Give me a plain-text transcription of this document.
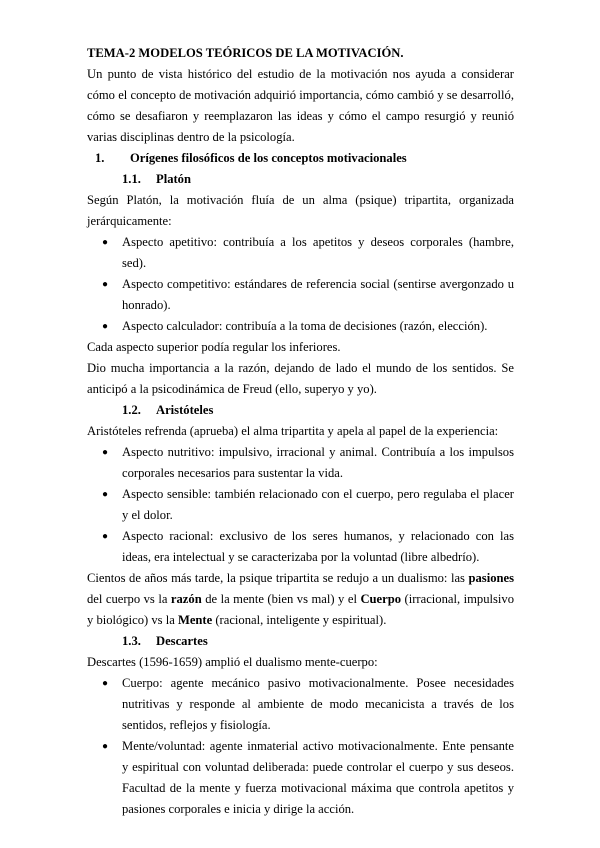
TEMA-2 MODELOS TEÓRICOS DE LA MOTIVACIÓN.

Un punto de vista histórico del estudio de la motivación nos ayuda a considerar cómo el concepto de motivación adquirió importancia, cómo cambió y se desarrolló, cómo se desafiaron y reemplazaron las ideas y cómo el campo resurgió y reunió varias disciplinas dentro de la psicología.

1.	Orígenes filosóficos de los conceptos motivacionales
1.1.	Platón

Según Platón, la motivación fluía de un alma (psique) tripartita, organizada jerárquicamente:

● Aspecto apetitivo: contribuía a los apetitos y deseos corporales (hambre, sed).
● Aspecto competitivo: estándares de referencia social (sentirse avergonzado u honrado).
● Aspecto calculador: contribuía a la toma de decisiones (razón, elección).

Cada aspecto superior podía regular los inferiores.

Dio mucha importancia a la razón, dejando de lado el mundo de los sentidos. Se anticipó a la psicodinámica de Freud (ello, superyo y yo).

1.2.	Aristóteles

Aristóteles refrenda (aprueba) el alma tripartita y apela al papel de la experiencia:

● Aspecto nutritivo: impulsivo, irracional y animal. Contribuía a los impulsos corporales necesarios para sustentar la vida.
● Aspecto sensible: también relacionado con el cuerpo, pero regulaba el placer y el dolor.
● Aspecto racional: exclusivo de los seres humanos, y relacionado con las ideas, era intelectual y se caracterizaba por la voluntad (libre albedrío).

Cientos de años más tarde, la psique tripartita se redujo a un dualismo: las pasiones del cuerpo vs la razón de la mente (bien vs mal) y el Cuerpo (irracional, impulsivo y biológico) vs la Mente (racional, inteligente y espiritual).

1.3.	Descartes

Descartes (1596-1659) amplió el dualismo mente-cuerpo:

● Cuerpo: agente mecánico pasivo motivacionalmente. Posee necesidades nutritivas y responde al ambiente de modo mecanicista a través de los sentidos, reflejos y fisiología.
● Mente/voluntad: agente inmaterial activo motivacionalmente. Ente pensante y espiritual con voluntad deliberada: puede controlar el cuerpo y sus deseos. Facultad de la mente y fuerza motivacional máxima que controla apetitos y pasiones corporales e inicia y dirige la acción.
